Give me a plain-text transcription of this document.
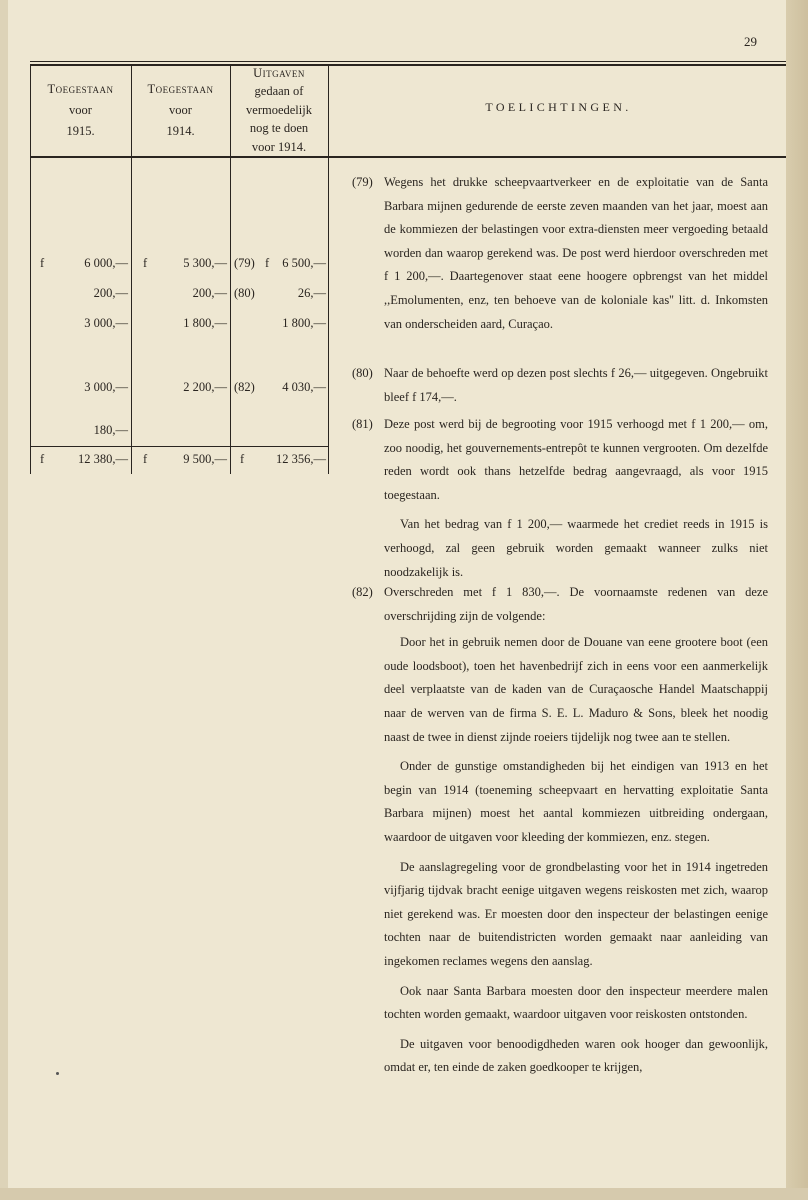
29
Toegestaan
voor
1915.
Toegestaan
voor
1914.
Uitgaven
gedaan of
vermoedelijk
nog te doen
voor 1914.
TOELICHTINGEN.
f	6 000,— f	5 300,— (79) f	6 500,—
200,—	200,— (80)	26,—
3 000,—	1 800,—	1 800,—
3 000,—	2 200,— (82)	4 030,—
180,—
f	12 380,— f	9 500,— f	12 356,—
(79) Wegens het drukke scheepvaartverkeer en de exploitatie van de Santa Barbara mijnen gedurende de eerste zeven maanden van het jaar, moest aan de kommiezen der belastingen voor extra-diensten meer vergoeding betaald worden dan waarop gerekend was. De post werd hierdoor overschreden met f 1 200,—. Daartegenover staat eene hoogere opbrengst van het middel ,,Emolumenten, enz, ten behoeve van de koloniale kas'' litt. d. Inkomsten van onderscheiden aard, Curaçao.
(80) Naar de behoefte werd op dezen post slechts f 26,— uitgegeven. Ongebruikt bleef f 174,—.
(81) Deze post werd bij de begrooting voor 1915 verhoogd met f 1 200,— om, zoo noodig, het gouvernements-entrepôt te kunnen vergrooten. Om dezelfde reden wordt ook thans hetzelfde bedrag aangevraagd, als voor 1915 toegestaan.
Van het bedrag van f 1 200,— waarmede het crediet reeds in 1915 is verhoogd, zal geen gebruik worden gemaakt wanneer zulks niet noodzakelijk is.
(82) Overschreden met f 1 830,—. De voornaamste redenen van deze overschrijding zijn de volgende:
Door het in gebruik nemen door de Douane van eene grootere boot (een oude loodsboot), toen het havenbedrijf zich in eens voor een aanmerkelijk deel verplaatste van de kaden van de Curaçaosche Handel Maatschappij naar de werven van de firma S. E. L. Maduro & Sons, bleek het noodig naast de twee in dienst zijnde roeiers tijdelijk nog twee aan te stellen.
Onder de gunstige omstandigheden bij het eindigen van 1913 en het begin van 1914 (toeneming scheepvaart en hervatting exploitatie Santa Barbara mijnen) moest het aantal kommiezen uitbreiding ondergaan, waardoor de uitgaven voor kleeding der kommiezen, enz. stegen.
De aanslagregeling voor de grondbelasting voor het in 1914 ingetreden vijfjarig tijdvak bracht eenige uitgaven wegens reiskosten met zich, waarop niet gerekend was. Er moesten door den inspecteur der belastingen eenige tochten naar de buitendistricten worden gemaakt naar aanleiding van ingekomen reclames wegens den aanslag.
Ook naar Santa Barbara moesten door den inspecteur meerdere malen tochten worden gemaakt, waardoor uitgaven voor reiskosten ontstonden.
De uitgaven voor benoodigdheden waren ook hooger dan gewoonlijk, omdat er, ten einde de zaken goedkooper te krijgen,
